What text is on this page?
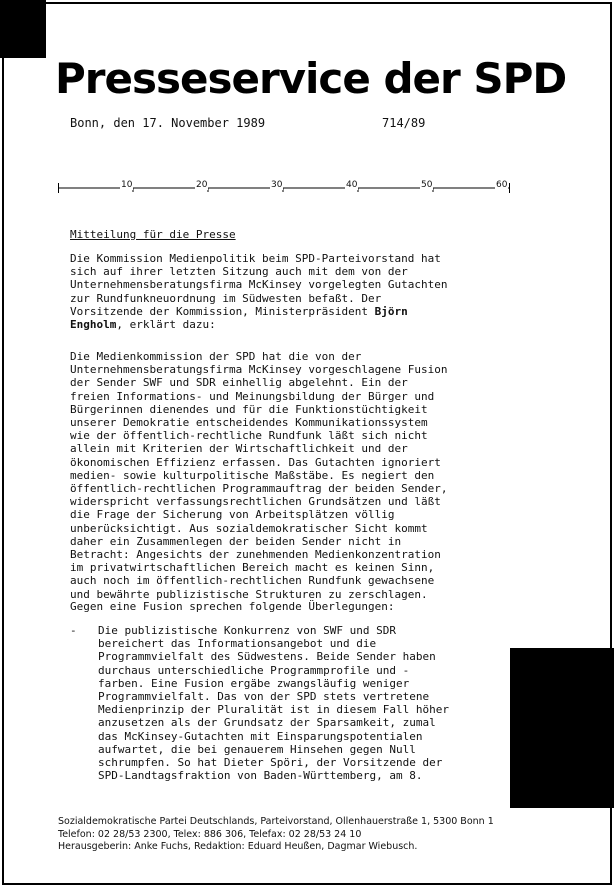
Presseservice der SPD
Bonn, den 17. November 1989	714/89
10	20	30	40	50	60
Mitteilung für die Presse

Die Kommission Medienpolitik beim SPD-Parteivorstand hat sich auf ihrer letzten Sitzung auch mit dem von der Unternehmensberatungsfirma McKinsey vorgelegten Gutachten zur Rundfunkneuordnung im Südwesten befaßt. Der Vorsitzende der Kommission, Ministerpräsident Björn Engholm, erklärt dazu:

Die Medienkommission der SPD hat die von der Unternehmensberatungsfirma McKinsey vorgeschlagene Fusion der Sender SWF und SDR einhellig abgelehnt. Ein der freien Informations- und Meinungsbildung der Bürger und Bürgerinnen dienendes und für die Funktionstüchtigkeit unserer Demokratie entscheidendes Kommunikationssystem wie der öffentlich-rechtliche Rundfunk läßt sich nicht allein mit Kriterien der Wirtschaftlichkeit und der ökonomischen Effizienz erfassen. Das Gutachten ignoriert medien- sowie kulturpolitische Maßstäbe. Es negiert den öffentlich-rechtlichen Programmauftrag der beiden Sender, widerspricht verfassungsrechtlichen Grundsätzen und läßt die Frage der Sicherung von Arbeitsplätzen völlig unberücksichtigt. Aus sozialdemokratischer Sicht kommt daher ein Zusammenlegen der beiden Sender nicht in Betracht: Angesichts der zunehmenden Medienkonzentration im privatwirtschaftlichen Bereich macht es keinen Sinn, auch noch im öffentlich-rechtlichen Rundfunk gewachsene und bewährte publizistische Strukturen zu zerschlagen.

Gegen eine Fusion sprechen folgende Überlegungen:

- Die publizistische Konkurrenz von SWF und SDR bereichert das Informationsangebot und die Programmvielfalt des Südwestens. Beide Sender haben durchaus unterschiedliche Programmprofile und -farben. Eine Fusion ergäbe zwangsläufig weniger Programmvielfalt. Das von der SPD stets vertretene Medienprinzip der Pluralität ist in diesem Fall höher anzusetzen als der Grundsatz der Sparsamkeit, zumal das McKinsey-Gutachten mit Einsparungspotentialen aufwartet, die bei genauerem Hinsehen gegen Null schrumpfen. So hat Dieter Spöri, der Vorsitzende der SPD-Landtagsfraktion von Baden-Württemberg, am 8.
Sozialdemokratische Partei Deutschlands, Parteivorstand, Ollenhauerstraße 1, 5300 Bonn 1
Telefon: 02 28/53 2300, Telex: 886 306, Telefax: 02 28/53 24 10
Herausgeberin: Anke Fuchs, Redaktion: Eduard Heußen, Dagmar Wiebusch.
